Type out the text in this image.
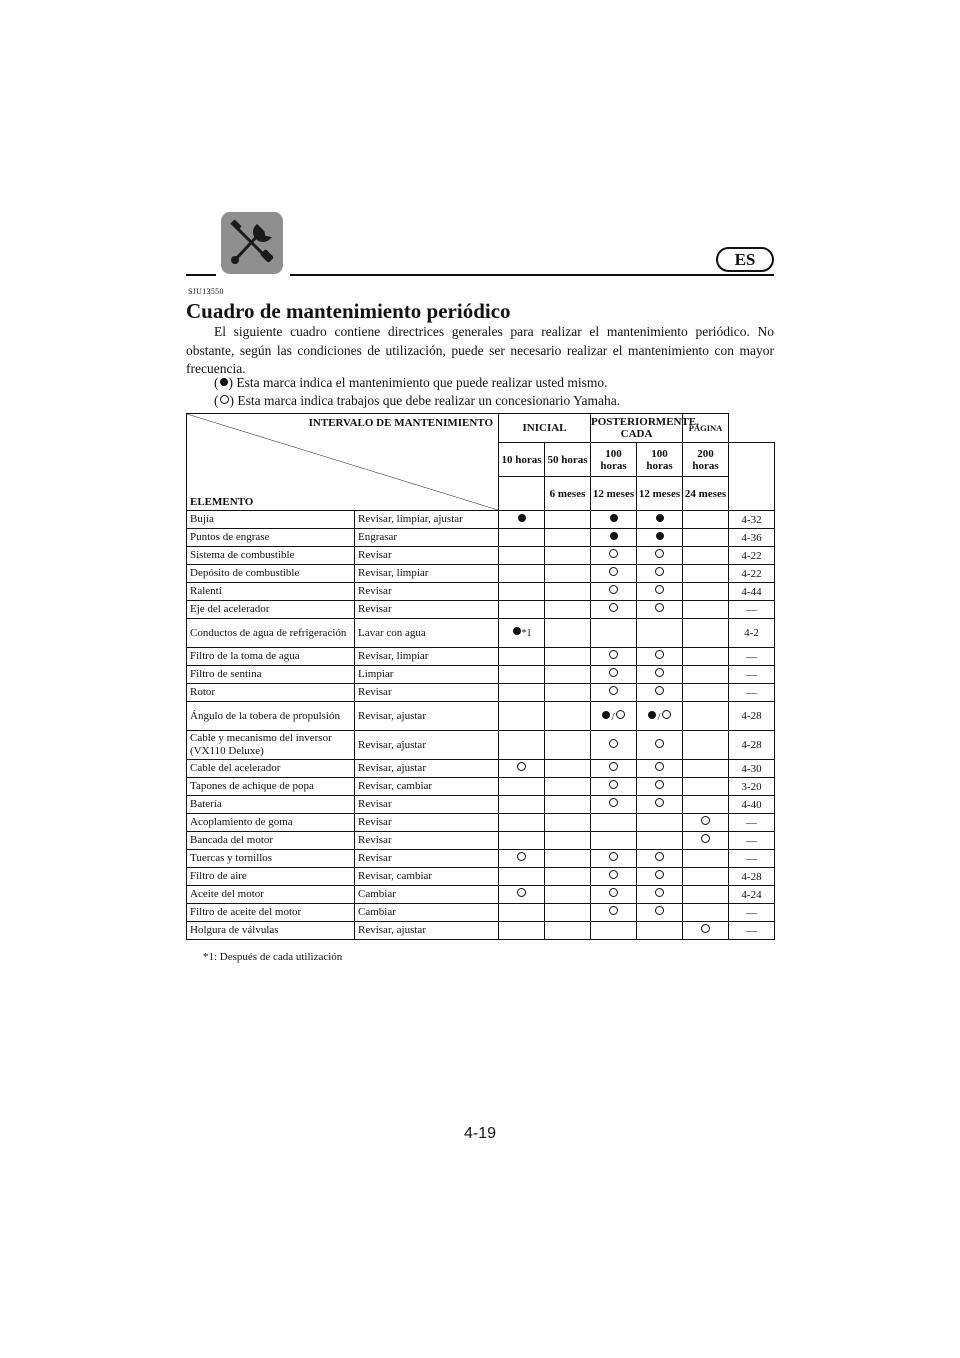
ES
SJU13550
Cuadro de mantenimiento periódico

El siguiente cuadro contiene directrices generales para realizar el mantenimiento periódico. No obstante, según las condiciones de utilización, puede ser necesario realizar el mantenimiento con mayor frecuencia.

( ) Esta marca indica el mantenimiento que puede realizar usted mismo.
( ) Esta marca indica trabajos que debe realizar un concesionario Yamaha.
INTERVALO DE MANTENIMIENTO
ELEMENTO		INICIAL		POSTERIORMENTE, CADA		PÁGINA	
		10 horas	50 horas	100 horas	100 horas	200 horas	
			6 meses	12 meses	12 meses	24 meses	
Bujía	Revisar, limpiar, ajustar						4-32
Puntos de engrase	Engrasar						4-36
Sistema de combustible	Revisar						4-22
Depósito de combustible	Revisar, limpiar						4-22
Ralentí	Revisar						4-44
Eje del acelerador	Revisar						—
Conductos de agua de refrigeración	Lavar con agua	*1					4-2
Filtro de la toma de agua	Revisar, limpiar						—
Filtro de sentina	Limpiar						—
Rotor	Revisar						—
Ángulo de la tobera de propulsión	Revisar, ajustar			/	/		4-28
Cable y mecanismo del inversor (VX110 Deluxe)	Revisar, ajustar						4-28
Cable del acelerador	Revisar, ajustar						4-30
Tapones de achique de popa	Revisar, cambiar						3-20
Batería	Revisar						4-40
Acoplamiento de goma	Revisar						—
Bancada del motor	Revisar						—
Tuercas y tornillos	Revisar						—
Filtro de aire	Revisar, cambiar						4-28
Aceite del motor	Cambiar						4-24
Filtro de aceite del motor	Cambiar						—
Holgura de válvulas	Revisar, ajustar						—
*1: Después de cada utilización
4-19
